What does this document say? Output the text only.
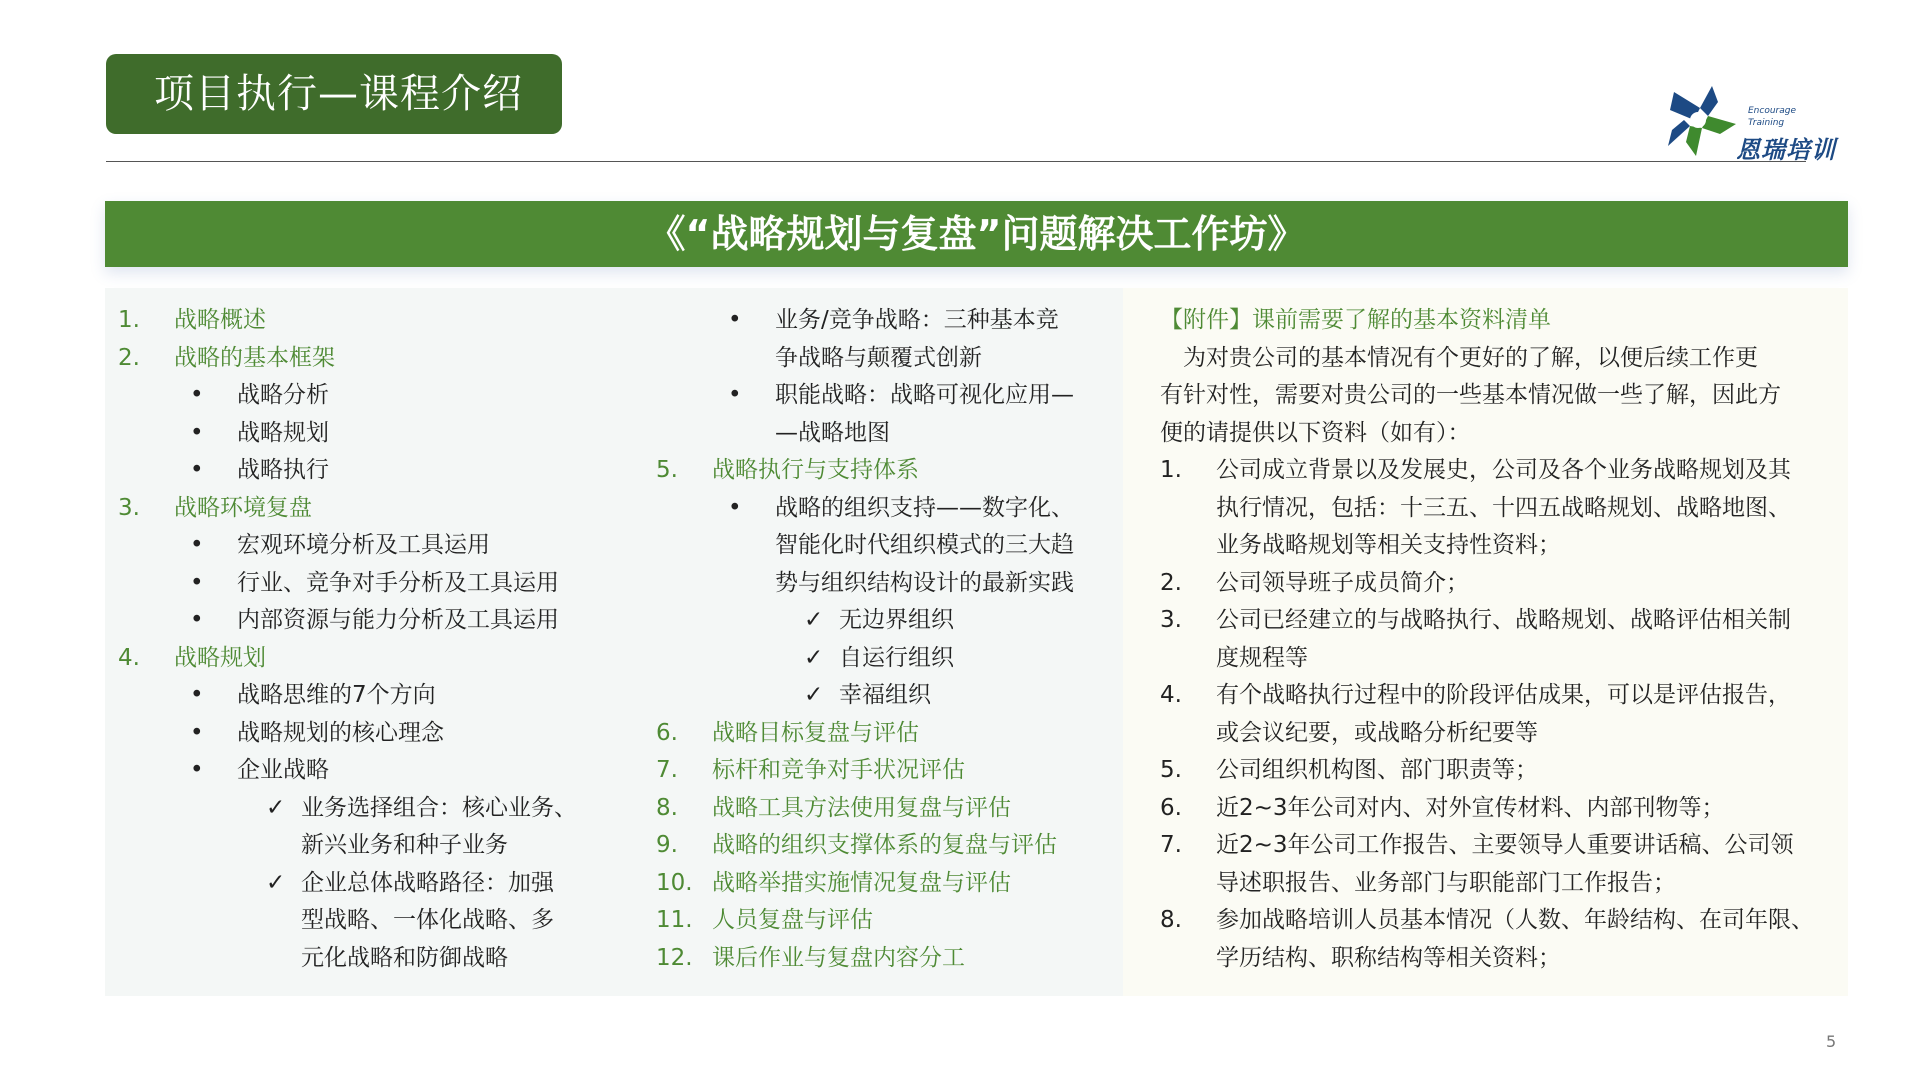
项目执行—课程介绍	Encourage
Training
恩瑞培训
《“战略规划与复盘”问题解决工作坊》
1.	战略概述
2.	战略的基本框架
•	战略分析
•	战略规划
•	战略执行
3.	战略环境复盘
•	宏观环境分析及工具运用
•	行业、竞争对手分析及工具运用
•	内部资源与能力分析及工具运用
4.	战略规划
•	战略思维的7个方向
•	战略规划的核心理念
•	企业战略
✓ 业务选择组合：核心业务、
新兴业务和种子业务
✓ 企业总体战略路径：加强
型战略、一体化战略、多
元化战略和防御战略
•	业务/竞争战略：三种基本竞
争战略与颠覆式创新
•	职能战略：战略可视化应用—
—战略地图
5.	战略执行与支持体系
•	战略的组织支持——数字化、
智能化时代组织模式的三大趋
势与组织结构设计的最新实践
✓ 无边界组织
✓ 自运行组织
✓ 幸福组织
6.	战略目标复盘与评估
7.	标杆和竞争对手状况评估
8.	战略工具方法使用复盘与评估
9.	战略的组织支撑体系的复盘与评估
10. 战略举措实施情况复盘与评估
11. 人员复盘与评估
12. 课后作业与复盘内容分工
【附件】课前需要了解的基本资料清单
　为对贵公司的基本情况有个更好的了解，以便后续工作更
有针对性，需要对贵公司的一些基本情况做一些了解，因此方
便的请提供以下资料（如有）：
1.	公司成立背景以及发展史，公司及各个业务战略规划及其
执行情况，包括：十三五、十四五战略规划、战略地图、
业务战略规划等相关支持性资料；
2.	公司领导班子成员简介；
3.	公司已经建立的与战略执行、战略规划、战略评估相关制
度规程等
4.	有个战略执行过程中的阶段评估成果，可以是评估报告，
或会议纪要，或战略分析纪要等
5.	公司组织机构图、部门职责等；
6.	近2~3年公司对内、对外宣传材料、内部刊物等；
7.	近2~3年公司工作报告、主要领导人重要讲话稿、公司领
导述职报告、业务部门与职能部门工作报告；
8.	参加战略培训人员基本情况（人数、年龄结构、在司年限、
学历结构、职称结构等相关资料；
5
